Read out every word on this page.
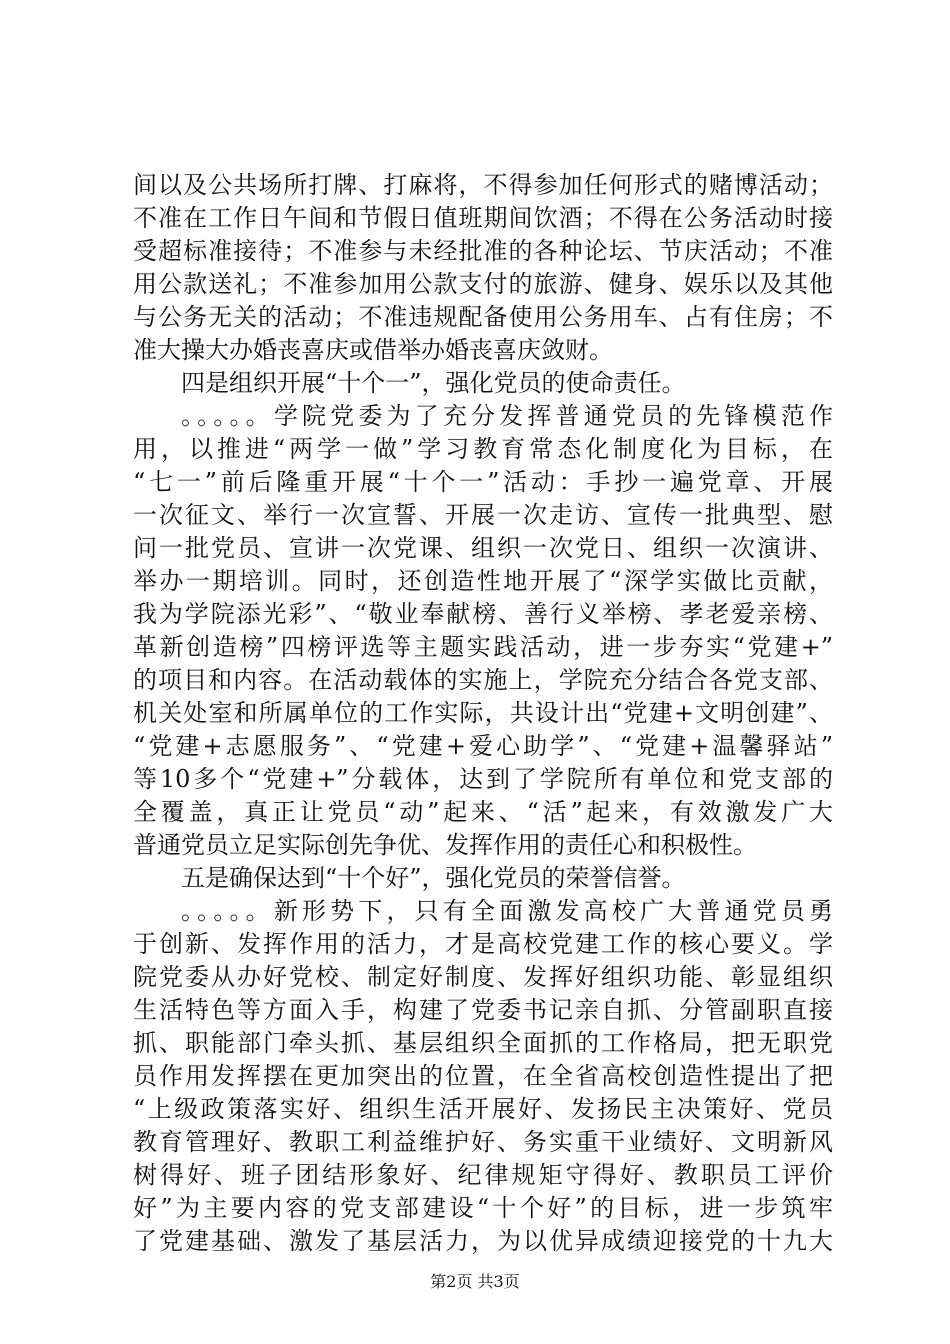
间以及公共场所打牌、打麻将，不得参加任何形式的赌博活动；
不准在工作日午间和节假日值班期间饮酒；不得在公务活动时接
受超标准接待；不准参与未经批准的各种论坛、节庆活动；不准
用公款送礼；不准参加用公款支付的旅游、健身、娱乐以及其他
与公务无关的活动；不准违规配备使用公务用车、占有住房；不
准大操大办婚丧喜庆或借举办婚丧喜庆敛财。
四是组织开展“十个一”，强化党员的使命责任。
。。。。。学院党委为了充分发挥普通党员的先锋模范作
用，以推进“两学一做”学习教育常态化制度化为目标，在
“七一”前后隆重开展“十个一”活动：手抄一遍党章、开展
一次征文、举行一次宣誓、开展一次走访、宣传一批典型、慰
问一批党员、宣讲一次党课、组织一次党日、组织一次演讲、
举办一期培训。同时，还创造性地开展了“深学实做比贡献，
我为学院添光彩”、“敬业奉献榜、善行义举榜、孝老爱亲榜、
革新创造榜”四榜评选等主题实践活动，进一步夯实“党建+”
的项目和内容。在活动载体的实施上，学院充分结合各党支部、
机关处室和所属单位的工作实际，共设计出“党建+文明创建”、
“党建+志愿服务”、“党建+爱心助学”、“党建+温馨驿站”
等10多个“党建+”分载体，达到了学院所有单位和党支部的
全覆盖，真正让党员“动”起来、“活”起来，有效激发广大
普通党员立足实际创先争优、发挥作用的责任心和积极性。
五是确保达到“十个好”，强化党员的荣誉信誉。
。。。。。新形势下，只有全面激发高校广大普通党员勇
于创新、发挥作用的活力，才是高校党建工作的核心要义。学
院党委从办好党校、制定好制度、发挥好组织功能、彰显组织
生活特色等方面入手，构建了党委书记亲自抓、分管副职直接
抓、职能部门牵头抓、基层组织全面抓的工作格局，把无职党
员作用发挥摆在更加突出的位置，在全省高校创造性提出了把
“上级政策落实好、组织生活开展好、发扬民主决策好、党员
教育管理好、教职工利益维护好、务实重干业绩好、文明新风
树得好、班子团结形象好、纪律规矩守得好、教职员工评价
好”为主要内容的党支部建设“十个好”的目标，进一步筑牢
了党建基础、激发了基层活力，为以优异成绩迎接党的十九大
第2页 共3页
